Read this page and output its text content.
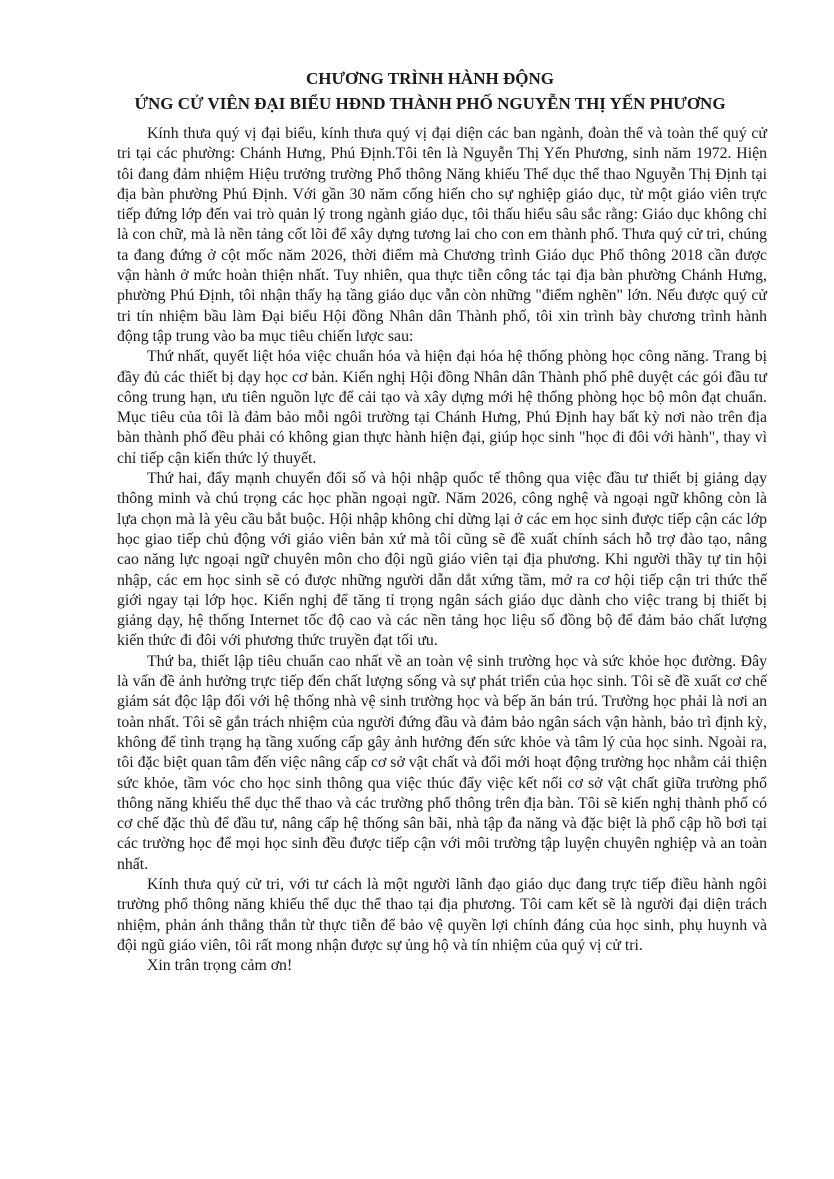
CHƯƠNG TRÌNH HÀNH ĐỘNG
ỨNG CỬ VIÊN ĐẠI BIỂU HĐND THÀNH PHỐ NGUYỄN THỊ YẾN PHƯƠNG

Kính thưa quý vị đại biểu, kính thưa quý vị đại diện các ban ngành, đoàn thể và toàn thể quý cử tri tại các phường: Chánh Hưng, Phú Định.Tôi tên là Nguyễn Thị Yến Phương, sinh năm 1972. Hiện tôi đang đảm nhiệm Hiệu trưởng trường Phổ thông Năng khiếu Thể dục thể thao Nguyễn Thị Định tại địa bàn phường Phú Định. Với gần 30 năm cống hiến cho sự nghiệp giáo dục, từ một giáo viên trực tiếp đứng lớp đến vai trò quản lý trong ngành giáo dục, tôi thấu hiểu sâu sắc rằng: Giáo dục không chỉ là con chữ, mà là nền tảng cốt lõi để xây dựng tương lai cho con em thành phố. Thưa quý cử tri, chúng ta đang đứng ở cột mốc năm 2026, thời điểm mà Chương trình Giáo dục Phổ thông 2018 cần được vận hành ở mức hoàn thiện nhất. Tuy nhiên, qua thực tiễn công tác tại địa bàn phường Chánh Hưng, phường Phú Định, tôi nhận thấy hạ tầng giáo dục vẫn còn những "điểm nghẽn" lớn. Nếu được quý cử tri tín nhiệm bầu làm Đại biểu Hội đồng Nhân dân Thành phố, tôi xin trình bày chương trình hành động tập trung vào ba mục tiêu chiến lược sau:

Thứ nhất, quyết liệt hóa việc chuẩn hóa và hiện đại hóa hệ thống phòng học công năng. Trang bị đầy đủ các thiết bị dạy học cơ bản. Kiến nghị Hội đồng Nhân dân Thành phố phê duyệt các gói đầu tư công trung hạn, ưu tiên nguồn lực để cải tạo và xây dựng mới hệ thống phòng học bộ môn đạt chuẩn. Mục tiêu của tôi là đảm bảo mỗi ngôi trường tại Chánh Hưng, Phú Định hay bất kỳ nơi nào trên địa bàn thành phố đều phải có không gian thực hành hiện đại, giúp học sinh "học đi đôi với hành", thay vì chỉ tiếp cận kiến thức lý thuyết.

Thứ hai, đẩy mạnh chuyển đổi số và hội nhập quốc tế thông qua việc đầu tư thiết bị giảng dạy thông minh và chú trọng các học phần ngoại ngữ. Năm 2026, công nghệ và ngoại ngữ không còn là lựa chọn mà là yêu cầu bắt buộc. Hội nhập không chỉ dừng lại ở các em học sinh được tiếp cận các lớp học giao tiếp chủ động với giáo viên bản xứ mà tôi cũng sẽ đề xuất chính sách hỗ trợ đào tạo, nâng cao năng lực ngoại ngữ chuyên môn cho đội ngũ giáo viên tại địa phương. Khi người thầy tự tin hội nhập, các em học sinh sẽ có được những người dẫn dắt xứng tầm, mở ra cơ hội tiếp cận tri thức thế giới ngay tại lớp học. Kiến nghị để tăng tỉ trọng ngân sách giáo dục dành cho việc trang bị thiết bị giảng dạy, hệ thống Internet tốc độ cao và các nền tảng học liệu số đồng bộ để đảm bảo chất lượng kiến thức đi đôi với phương thức truyền đạt tối ưu.

Thứ ba, thiết lập tiêu chuẩn cao nhất về an toàn vệ sinh trường học và sức khỏe học đường. Đây là vấn đề ảnh hưởng trực tiếp đến chất lượng sống và sự phát triển của học sinh. Tôi sẽ đề xuất cơ chế giám sát độc lập đối với hệ thống nhà vệ sinh trường học và bếp ăn bán trú. Trường học phải là nơi an toàn nhất. Tôi sẽ gắn trách nhiệm của người đứng đầu và đảm bảo ngân sách vận hành, bảo trì định kỳ, không để tình trạng hạ tầng xuống cấp gây ảnh hưởng đến sức khỏe và tâm lý của học sinh. Ngoài ra, tôi đặc biệt quan tâm đến việc nâng cấp cơ sở vật chất và đổi mới hoạt động trường học nhằm cải thiện sức khỏe, tầm vóc cho học sinh thông qua việc thúc đẩy việc kết nối cơ sở vật chất giữa trường phổ thông năng khiếu thể dục thể thao và các trường phổ thông trên địa bàn. Tôi sẽ kiến nghị thành phố có cơ chế đặc thù để đầu tư, nâng cấp hệ thống sân bãi, nhà tập đa năng và đặc biệt là phổ cập hồ bơi tại các trường học để mọi học sinh đều được tiếp cận với môi trường tập luyện chuyên nghiệp và an toàn nhất.

Kính thưa quý cử tri, với tư cách là một người lãnh đạo giáo dục đang trực tiếp điều hành ngôi trường phổ thông năng khiếu thể dục thể thao tại địa phương. Tôi cam kết sẽ là người đại diện trách nhiệm, phản ánh thẳng thắn từ thực tiễn để bảo vệ quyền lợi chính đáng của học sinh, phụ huynh và đội ngũ giáo viên, tôi rất mong nhận được sự ủng hộ và tín nhiệm của quý vị cử tri.

Xin trân trọng cảm ơn!
